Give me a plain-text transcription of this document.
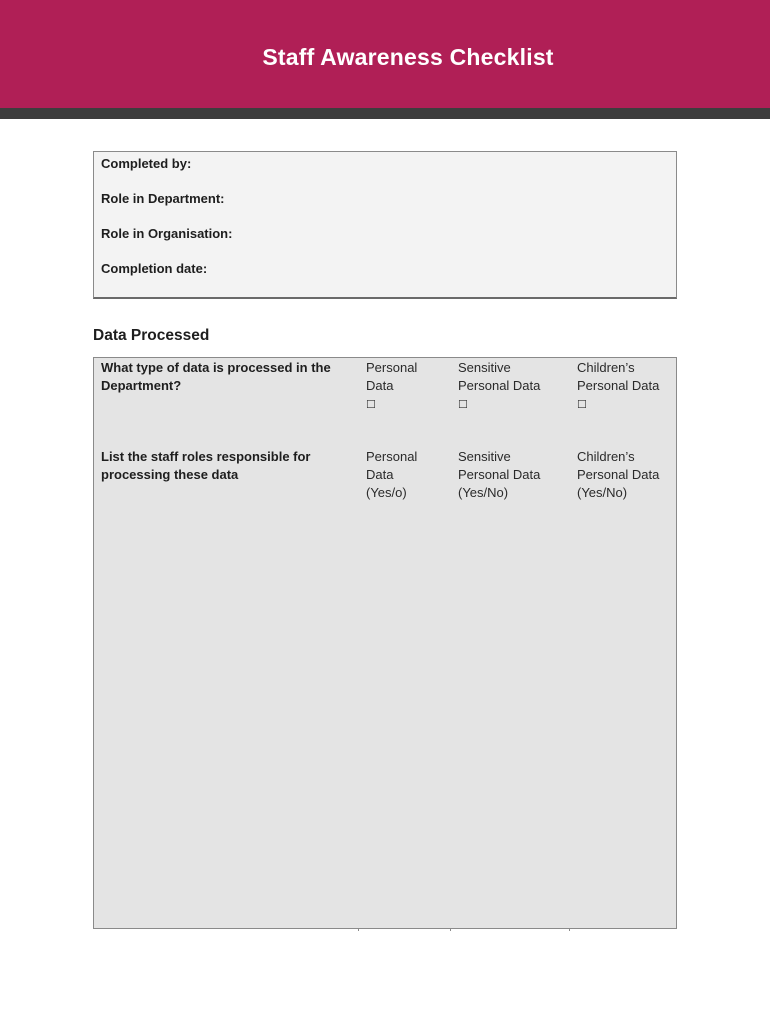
Staff Awareness Checklist
Completed by:
Role in Department:
Role in Organisation:
Completion date:
Data Processed
What type of data is processed in the Department?
Personal
Data
☐
Sensitive
Personal Data
☐
Children’s
Personal Data
☐
List the staff roles responsible for processing these data
Personal
Data
(Yes/o)
Sensitive
Personal Data
(Yes/No)
Children’s
Personal Data
(Yes/No)
